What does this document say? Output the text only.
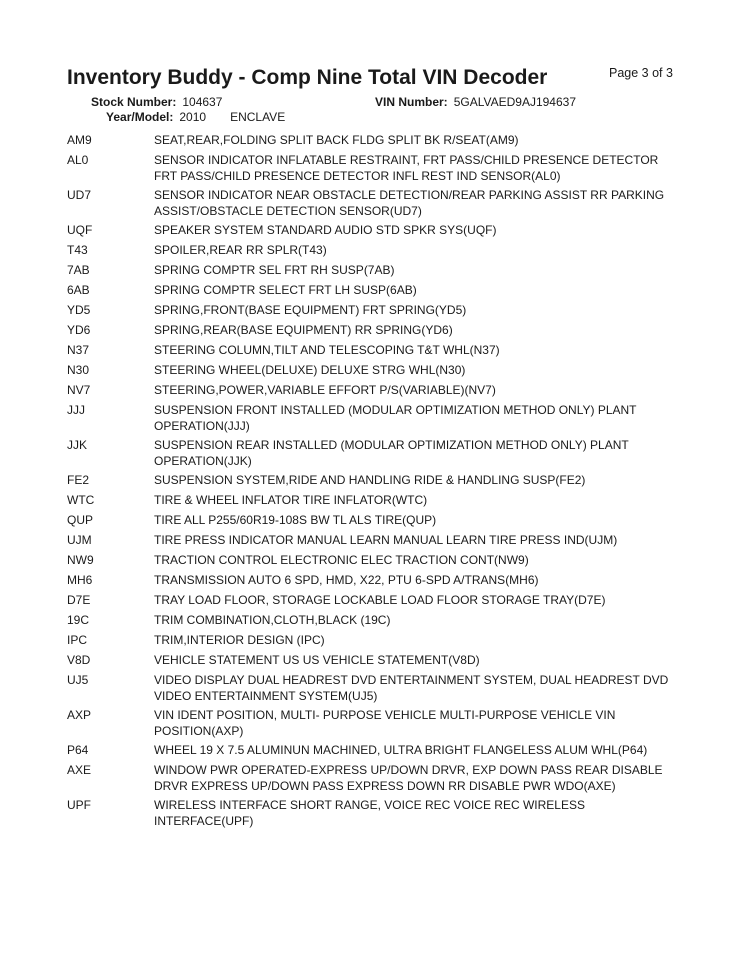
Inventory Buddy - Comp Nine Total VIN Decoder	Page 3 of 3
Stock Number: 104637	VIN Number: 5GALVAED9AJ194637
Year/Model: 2010 ENCLAVE
AM9	SEAT,REAR,FOLDING SPLIT BACK FLDG SPLIT BK R/SEAT(AM9)
AL0	SENSOR INDICATOR INFLATABLE RESTRAINT, FRT PASS/CHILD PRESENCE DETECTOR
FRT PASS/CHILD PRESENCE DETECTOR INFL REST IND SENSOR(AL0)
UD7	SENSOR INDICATOR NEAR OBSTACLE DETECTION/REAR PARKING ASSIST RR PARKING
ASSIST/OBSTACLE DETECTION SENSOR(UD7)
UQF	SPEAKER SYSTEM STANDARD AUDIO STD SPKR SYS(UQF)
T43	SPOILER,REAR RR SPLR(T43)
7AB	SPRING COMPTR SEL FRT RH SUSP(7AB)
6AB	SPRING COMPTR SELECT FRT LH SUSP(6AB)
YD5	SPRING,FRONT(BASE EQUIPMENT) FRT SPRING(YD5)
YD6	SPRING,REAR(BASE EQUIPMENT) RR SPRING(YD6)
N37	STEERING COLUMN,TILT AND TELESCOPING T&T WHL(N37)
N30	STEERING WHEEL(DELUXE) DELUXE STRG WHL(N30)
NV7	STEERING,POWER,VARIABLE EFFORT P/S(VARIABLE)(NV7)
JJJ	SUSPENSION FRONT INSTALLED (MODULAR OPTIMIZATION METHOD ONLY) PLANT
OPERATION(JJJ)
JJK	SUSPENSION REAR INSTALLED (MODULAR OPTIMIZATION METHOD ONLY) PLANT
OPERATION(JJK)
FE2	SUSPENSION SYSTEM,RIDE AND HANDLING RIDE & HANDLING SUSP(FE2)
WTC	TIRE & WHEEL INFLATOR TIRE INFLATOR(WTC)
QUP	TIRE ALL P255/60R19-108S BW TL ALS TIRE(QUP)
UJM	TIRE PRESS INDICATOR MANUAL LEARN MANUAL LEARN TIRE PRESS IND(UJM)
NW9	TRACTION CONTROL ELECTRONIC ELEC TRACTION CONT(NW9)
MH6	TRANSMISSION AUTO 6 SPD, HMD, X22, PTU 6-SPD A/TRANS(MH6)
D7E	TRAY LOAD FLOOR, STORAGE LOCKABLE LOAD FLOOR STORAGE TRAY(D7E)
19C	TRIM COMBINATION,CLOTH,BLACK (19C)
IPC	TRIM,INTERIOR DESIGN (IPC)
V8D	VEHICLE STATEMENT US US VEHICLE STATEMENT(V8D)
UJ5	VIDEO DISPLAY DUAL HEADREST DVD ENTERTAINMENT SYSTEM, DUAL HEADREST DVD
VIDEO ENTERTAINMENT SYSTEM(UJ5)
AXP	VIN IDENT POSITION, MULTI- PURPOSE VEHICLE MULTI-PURPOSE VEHICLE VIN
POSITION(AXP)
P64	WHEEL 19 X 7.5 ALUMINUN MACHINED, ULTRA BRIGHT FLANGELESS ALUM WHL(P64)
AXE	WINDOW PWR OPERATED-EXPRESS UP/DOWN DRVR, EXP DOWN PASS REAR DISABLE
DRVR EXPRESS UP/DOWN PASS EXPRESS DOWN RR DISABLE PWR WDO(AXE)
UPF	WIRELESS INTERFACE SHORT RANGE, VOICE REC VOICE REC WIRELESS
INTERFACE(UPF)
